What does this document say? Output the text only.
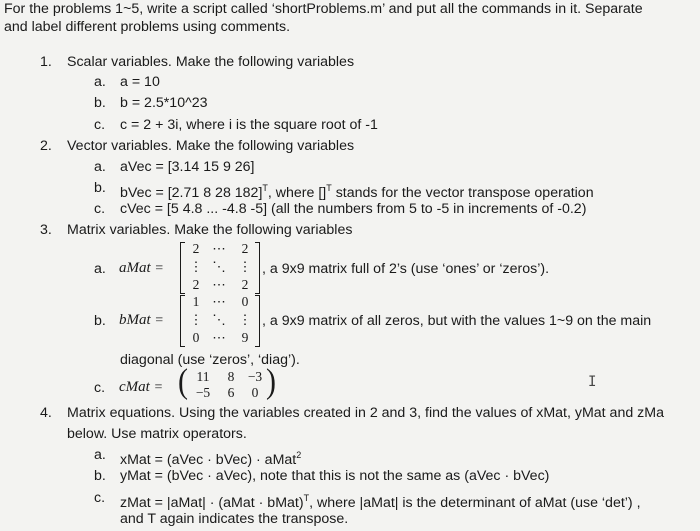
For the problems 1~5, write a script called ‘shortProblems.m’ and put all the commands in it. Separate
and label different problems using comments.
1. Scalar variables. Make the following variables
a. a = 10
b. b = 2.5*10^23
c. c = 2 + 3i, where i is the square root of -1
2. Vector variables. Make the following variables
a. aVec = [3.14 15 9 26]
b. bVec = [2.71 8 28 182]$^T$, where []$^T$ stands for the vector transpose operation
c. cVec = [5 4.8 ... -4.8 -5] (all the numbers from 5 to -5 in increments of -0.2)
3. Matrix variables. Make the following variables
a. aMat =
2 ⋯	2
⋮ ⋱ ⋮
2 ⋯	2
, a 9x9 matrix full of 2’s (use ‘ones’ or ‘zeros’).
b. bMat =
1 ⋯	0
⋮ ⋱ ⋮
0 ⋯	9
, a 9x9 matrix of all zeros, but with the values 1~9 on the main
diagonal (use ‘zeros’, ‘diag’).
c. cMat = (	)
11	8 −3
−5	6	0
I
4. Matrix equations. Using the variables created in 2 and 3, find the values of xMat, yMat and zMa
below. Use matrix operators.
a. xMat = (aVec · bVec) · aMat$^2$
b. yMat = (bVec · aVec), note that this is not the same as (aVec · bVec)
c. zMat = |aMat| · (aMat · bMat)$^T$, where |aMat| is the determinant of aMat (use ‘det’) ,
and T again indicates the transpose.
